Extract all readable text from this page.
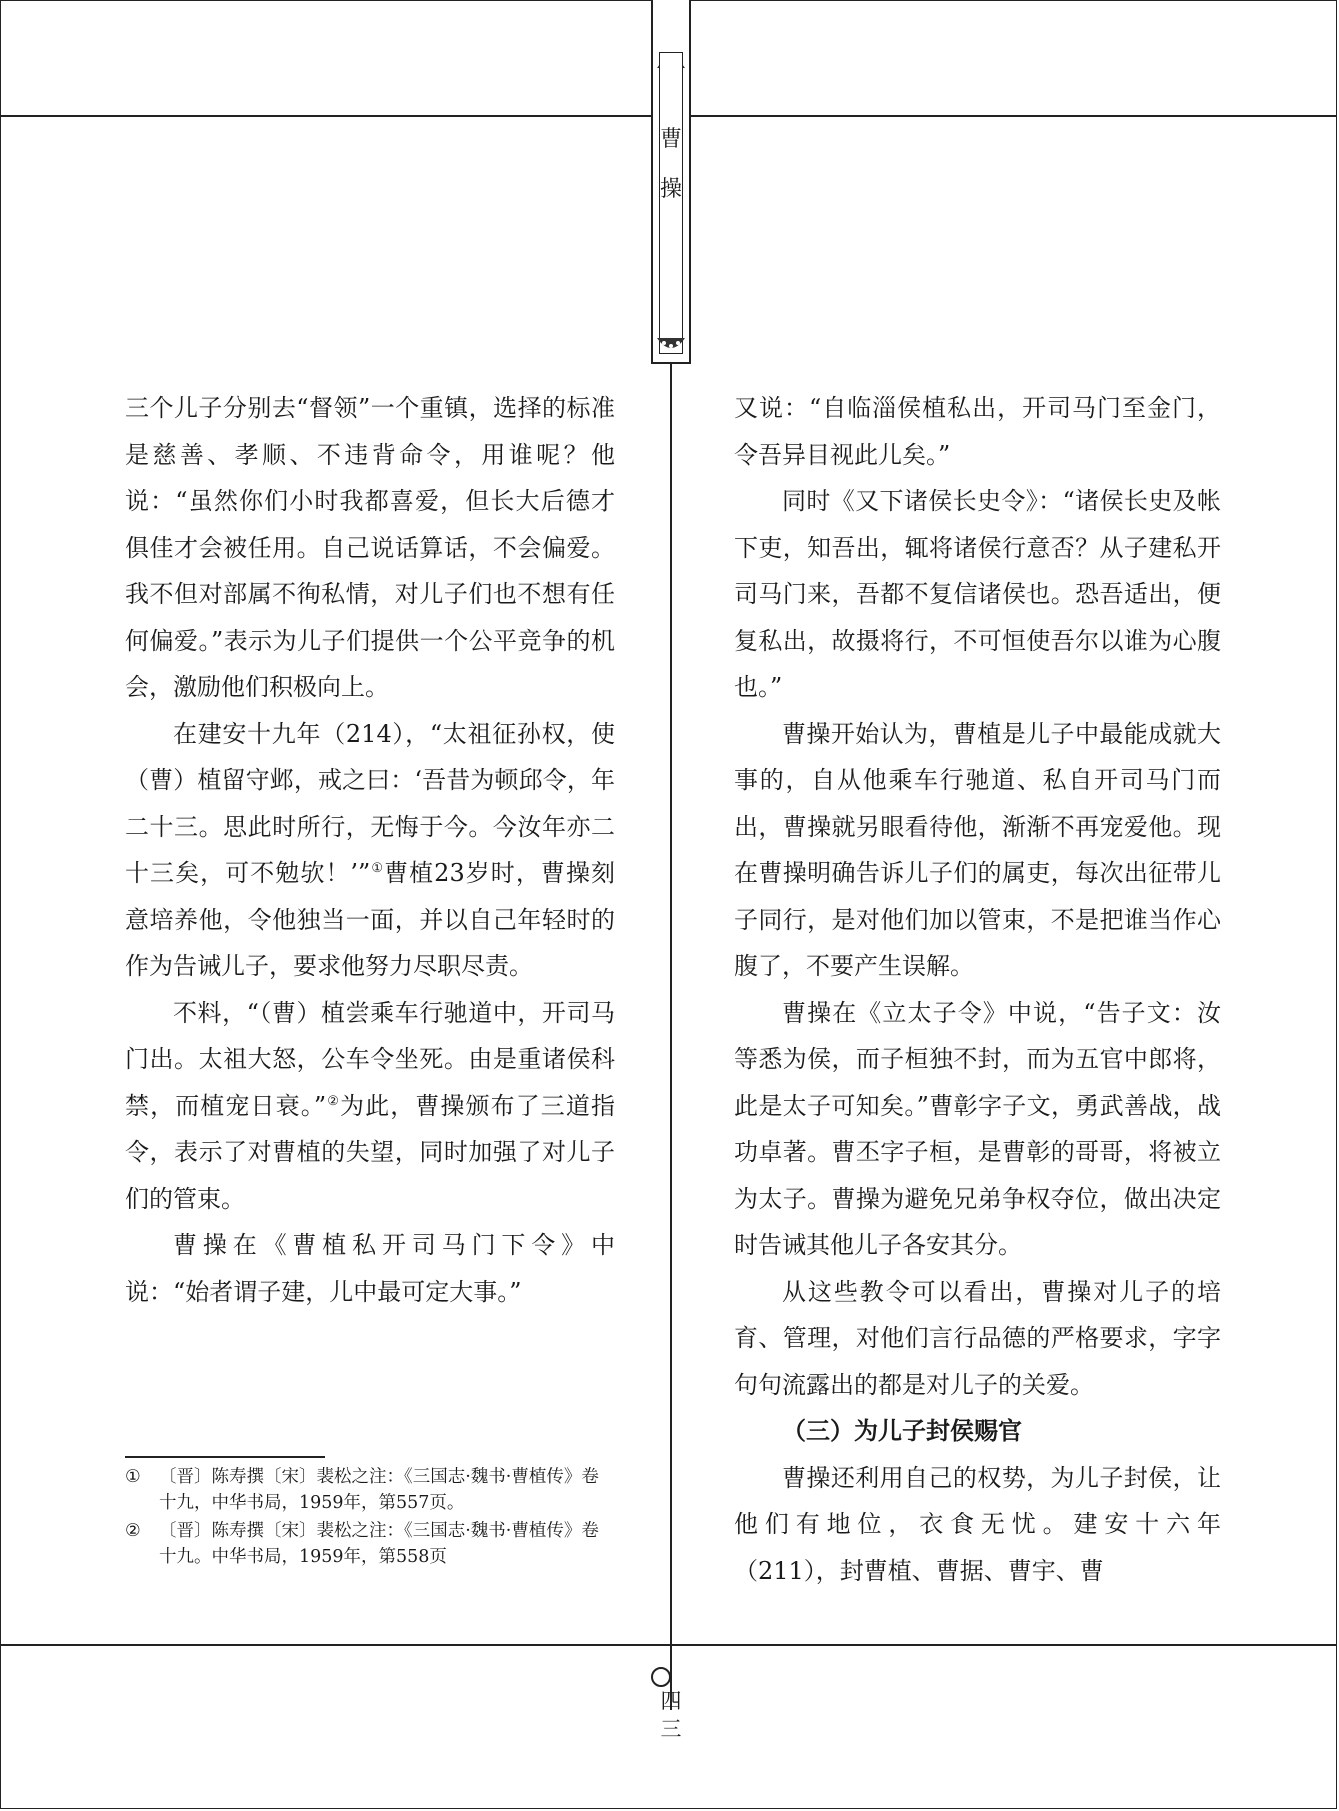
曹
操

三个儿子分别去“督领”一个重镇，选择的标准是慈善、孝顺、不违背命令，用谁呢？他说：“虽然你们小时我都喜爱，但长大后德才俱佳才会被任用。自己说话算话，不会偏爱。我不但对部属不徇私情，对儿子们也不想有任何偏爱。”表示为儿子们提供一个公平竞争的机会，激励他们积极向上。

在建安十九年（214），“太祖征孙权，使（曹）植留守邺，戒之曰：‘吾昔为顿邱令，年二十三。思此时所行，无悔于今。今汝年亦二十三矣，可不勉欤！’”①曹植23岁时，曹操刻意培养他，令他独当一面，并以自己年轻时的作为告诫儿子，要求他努力尽职尽责。

不料，“（曹）植尝乘车行驰道中，开司马门出。太祖大怒，公车令坐死。由是重诸侯科禁，而植宠日衰。”②为此，曹操颁布了三道指令，表示了对曹植的失望，同时加强了对儿子们的管束。

曹操在《曹植私开司马门下令》中说：“始者谓子建，儿中最可定大事。”

① 〔晋〕陈寿撰〔宋〕裴松之注：《三国志·魏书·曹植传》卷十九，中华书局，1959年，第557页。
② 〔晋〕陈寿撰〔宋〕裴松之注：《三国志·魏书·曹植传》卷十九。中华书局，1959年，第558页

又说：“自临淄侯植私出，开司马门至金门，令吾异目视此儿矣。”

同时《又下诸侯长史令》：“诸侯长史及帐下吏，知吾出，辄将诸侯行意否？从子建私开司马门来，吾都不复信诸侯也。恐吾适出，便复私出，故摄将行，不可恒使吾尔以谁为心腹也。”

曹操开始认为，曹植是儿子中最能成就大事的，自从他乘车行驰道、私自开司马门而出，曹操就另眼看待他，渐渐不再宠爱他。现在曹操明确告诉儿子们的属吏，每次出征带儿子同行，是对他们加以管束，不是把谁当作心腹了，不要产生误解。

曹操在《立太子令》中说，“告子文：汝等悉为侯，而子桓独不封，而为五官中郎将，此是太子可知矣。”曹彰字子文，勇武善战，战功卓著。曹丕字子桓，是曹彰的哥哥，将被立为太子。曹操为避免兄弟争权夺位，做出决定时告诫其他儿子各安其分。

从这些教令可以看出，曹操对儿子的培育、管理，对他们言行品德的严格要求，字字句句流露出的都是对儿子的关爱。

（三）为儿子封侯赐官

曹操还利用自己的权势，为儿子封侯，让他们有地位，衣食无忧。建安十六年（211），封曹植、曹据、曹宇、曹

四
三
